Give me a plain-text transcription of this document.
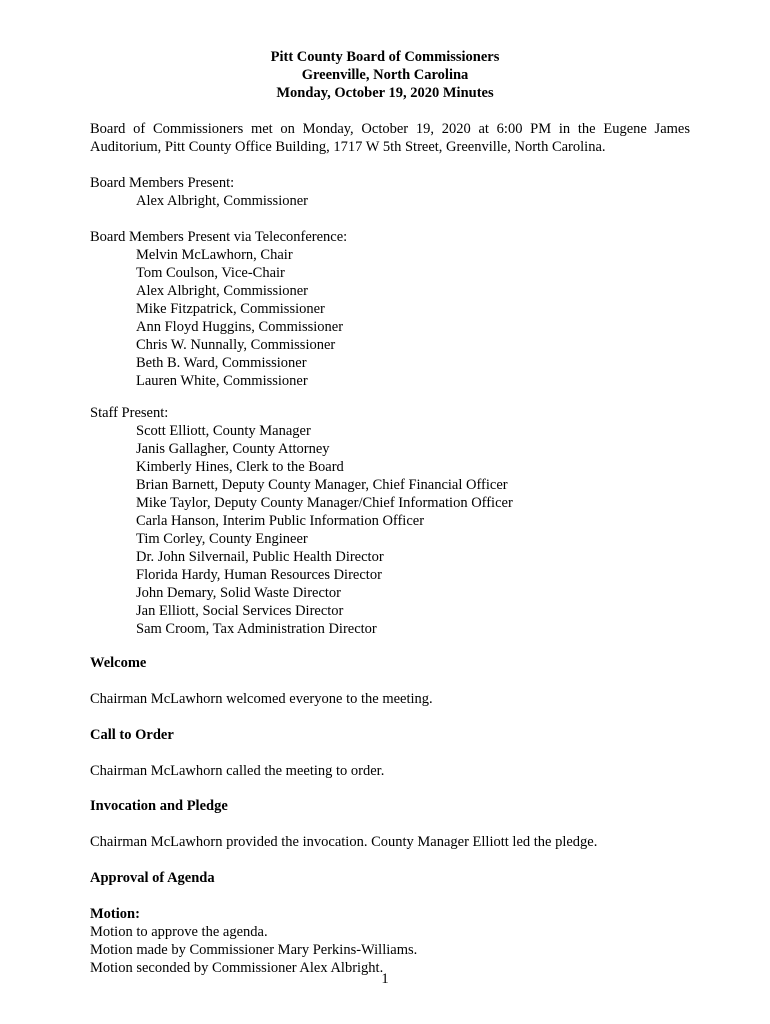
Pitt County Board of Commissioners
Greenville, North Carolina
Monday, October 19, 2020 Minutes
Board of Commissioners met on Monday, October 19, 2020 at 6:00 PM in the Eugene James Auditorium, Pitt County Office Building, 1717 W 5th Street, Greenville, North Carolina.
Board Members Present:
Alex Albright, Commissioner
Board Members Present via Teleconference:
Melvin McLawhorn, Chair
Tom Coulson, Vice-Chair
Alex Albright, Commissioner
Mike Fitzpatrick, Commissioner
Ann Floyd Huggins, Commissioner
Chris W. Nunnally, Commissioner
Beth B. Ward, Commissioner
Lauren White, Commissioner
Staff Present:
Scott Elliott, County Manager
Janis Gallagher, County Attorney
Kimberly Hines, Clerk to the Board
Brian Barnett, Deputy County Manager, Chief Financial Officer
Mike Taylor, Deputy County Manager/Chief Information Officer
Carla Hanson, Interim Public Information Officer
Tim Corley, County Engineer
Dr. John Silvernail, Public Health Director
Florida Hardy, Human Resources Director
John Demary, Solid Waste Director
Jan Elliott, Social Services Director
Sam Croom, Tax Administration Director
Welcome
Chairman McLawhorn welcomed everyone to the meeting.
Call to Order
Chairman McLawhorn called the meeting to order.
Invocation and Pledge
Chairman McLawhorn provided the invocation. County Manager Elliott led the pledge.
Approval of Agenda
Motion:
Motion to approve the agenda.
Motion made by Commissioner Mary Perkins-Williams.
Motion seconded by Commissioner Alex Albright.
1
